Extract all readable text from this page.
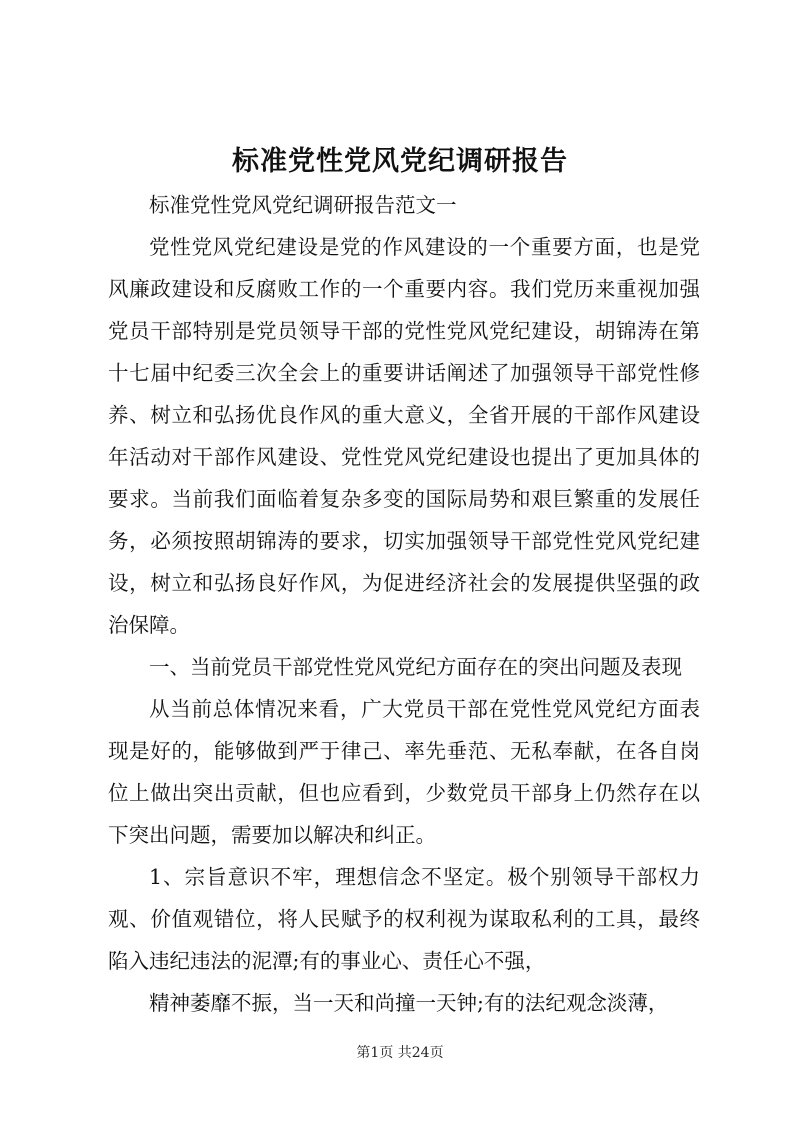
标准党性党风党纪调研报告

标准党性党风党纪调研报告范文一

党性党风党纪建设是党的作风建设的一个重要方面，也是党风廉政建设和反腐败工作的一个重要内容。我们党历来重视加强党员干部特别是党员领导干部的党性党风党纪建设，胡锦涛在第十七届中纪委三次全会上的重要讲话阐述了加强领导干部党性修养、树立和弘扬优良作风的重大意义，全省开展的干部作风建设年活动对干部作风建设、党性党风党纪建设也提出了更加具体的要求。当前我们面临着复杂多变的国际局势和艰巨繁重的发展任务，必须按照胡锦涛的要求，切实加强领导干部党性党风党纪建设，树立和弘扬良好作风，为促进经济社会的发展提供坚强的政治保障。

一、当前党员干部党性党风党纪方面存在的突出问题及表现

从当前总体情况来看，广大党员干部在党性党风党纪方面表现是好的，能够做到严于律己、率先垂范、无私奉献，在各自岗位上做出突出贡献，但也应看到，少数党员干部身上仍然存在以下突出问题，需要加以解决和纠正。

1、宗旨意识不牢，理想信念不坚定。极个别领导干部权力观、价值观错位，将人民赋予的权利视为谋取私利的工具，最终陷入违纪违法的泥潭;有的事业心、责任心不强，

精神萎靡不振，当一天和尚撞一天钟;有的法纪观念淡薄，

第1页 共24页
